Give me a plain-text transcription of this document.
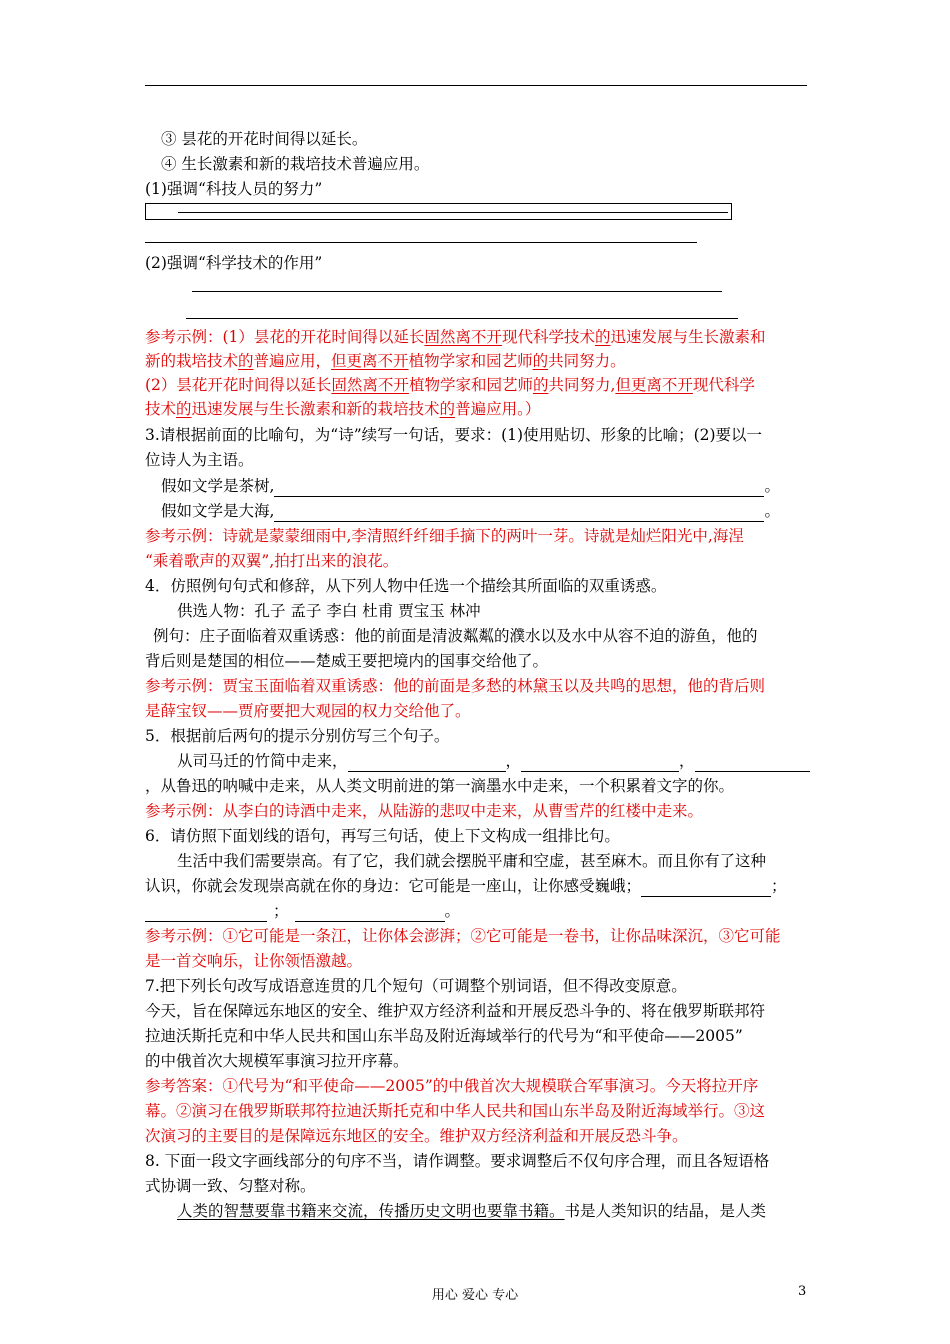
③ 昙花的开花时间得以延长。
④ 生长激素和新的栽培技术普遍应用。
(1)强调“科技人员的努力”
(2)强调“科学技术的作用”
参考示例：(1）昙花的开花时间得以延长固然离不开现代科学技术的迅速发展与生长激素和
新的栽培技术的普遍应用，但更离不开植物学家和园艺师的共同努力。
(2）昙花开花时间得以延长固然离不开植物学家和园艺师的共同努力,但更离不开现代科学
技术的迅速发展与生长激素和新的栽培技术的普遍应用。）
3.请根据前面的比喻句，为“诗”续写一句话，要求：(1)使用贴切、形象的比喻；(2)要以一
位诗人为主语。
假如文学是茶树,	。
假如文学是大海,	。
参考示例：诗就是蒙蒙细雨中,李清照纤纤细手摘下的两叶一芽。诗就是灿烂阳光中,海涅
“乘着歌声的双翼”,拍打出来的浪花。
4．仿照例句句式和修辞，从下列人物中任选一个描绘其所面临的双重诱惑。
供选人物：孔子 孟子 李白 杜甫 贾宝玉 林冲
例句：庄子面临着双重诱惑：他的前面是清波粼粼的濮水以及水中从容不迫的游鱼，他的
背后则是楚国的相位——楚威王要把境内的国事交给他了。
参考示例：贾宝玉面临着双重诱惑：他的前面是多愁的林黛玉以及共鸣的思想，他的背后则
是薛宝钗——贾府要把大观园的权力交给他了。
5．根据前后两句的提示分别仿写三个句子。
从司马迁的竹简中走来，	，	，
，从鲁迅的呐喊中走来，从人类文明前进的第一滴墨水中走来，一个积累着文字的你。
参考示例：从李白的诗酒中走来，从陆游的悲叹中走来，从曹雪芹的红楼中走来。
6．请仿照下面划线的语句，再写三句话，使上下文构成一组排比句。
生活中我们需要崇高。有了它，我们就会摆脱平庸和空虚，甚至麻木。而且你有了这种
认识，你就会发现崇高就在你的身边：它可能是一座山，让你感受巍峨；	；
；	。
参考示例：①它可能是一条江，让你体会澎湃；②它可能是一卷书，让你品味深沉，③它可能
是一首交响乐，让你领悟激越。
7.把下列长句改写成语意连贯的几个短句（可调整个别词语，但不得改变原意。
今天，旨在保障远东地区的安全、维护双方经济利益和开展反恐斗争的、将在俄罗斯联邦符
拉迪沃斯托克和中华人民共和国山东半岛及附近海域举行的代号为“和平使命——2005”
的中俄首次大规模军事演习拉开序幕。
参考答案：①代号为“和平使命——2005”的中俄首次大规模联合军事演习。今天将拉开序
幕。②演习在俄罗斯联邦符拉迪沃斯托克和中华人民共和国山东半岛及附近海域举行。③这
次演习的主要目的是保障远东地区的安全。维护双方经济利益和开展反恐斗争。
8. 下面一段文字画线部分的句序不当，请作调整。要求调整后不仅句序合理，而且各短语格
式协调一致、匀整对称。
人类的智慧要靠书籍来交流，传播历史文明也要靠书籍。书是人类知识的结晶，是人类
用心 爱心 专心	3
